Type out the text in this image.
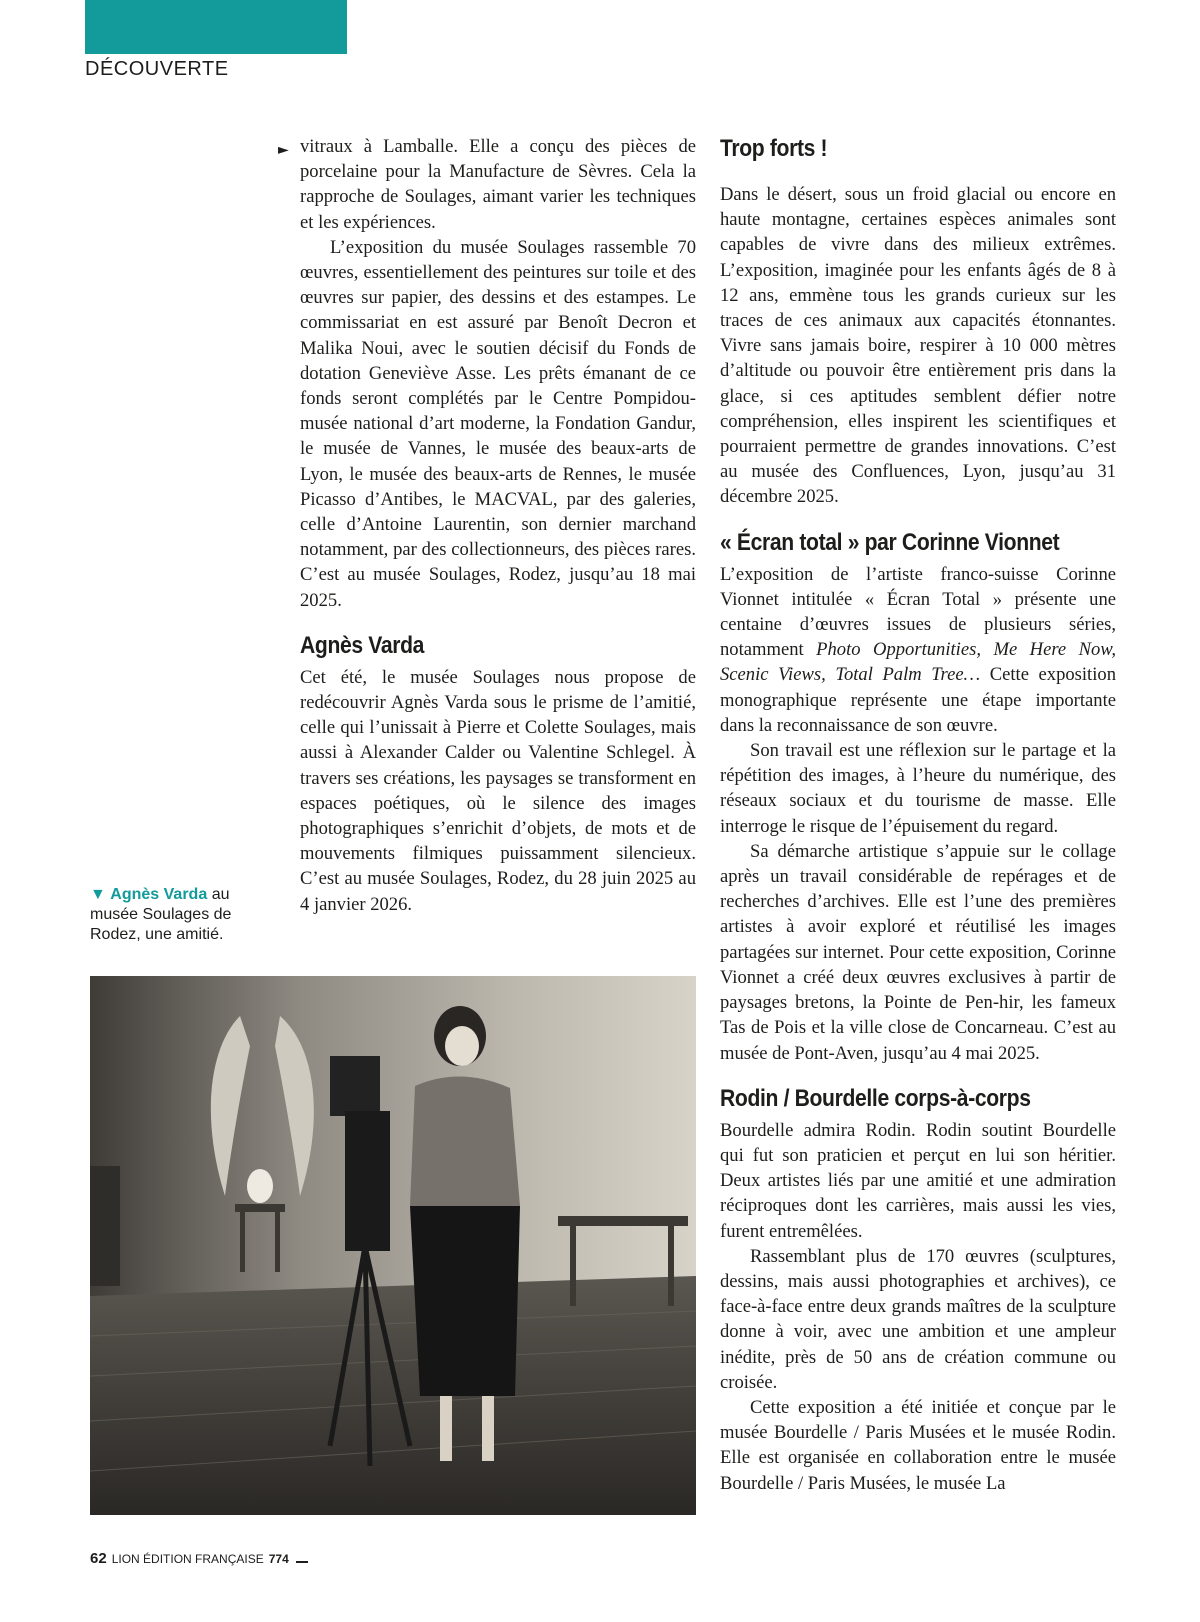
DÉCOUVERTE
► vitraux à Lamballe. Elle a conçu des pièces de porcelaine pour la Manufacture de Sèvres. Cela la rapproche de Soulages, aimant varier les techniques et les expériences.

L’exposition du musée Soulages rassemble 70 œuvres, essentiellement des peintures sur toile et des œuvres sur papier, des dessins et des estampes. Le commissariat en est assuré par Benoît Decron et Malika Noui, avec le soutien décisif du Fonds de dotation Geneviève Asse. Les prêts émanant de ce fonds seront complétés par le Centre Pompidou-musée national d’art moderne, la Fondation Gandur, le musée de Vannes, le musée des beaux-arts de Lyon, le musée des beaux-arts de Rennes, le musée Picasso d’Antibes, le MACVAL, par des galeries, celle d’Antoine Laurentin, son dernier marchand notamment, par des collectionneurs, des pièces rares. C’est au musée Soulages, Rodez, jusqu’au 18 mai 2025.

Agnès Varda

Cet été, le musée Soulages nous propose de redécouvrir Agnès Varda sous le prisme de l’amitié, celle qui l’unissait à Pierre et Colette Soulages, mais aussi à Alexander Calder ou Valentine Schlegel. À travers ses créations, les paysages se transforment en espaces poétiques, où le silence des images photographiques s’enrichit d’objets, de mots et de mouvements filmiques puissamment silencieux. C’est au musée Soulages, Rodez, du 28 juin 2025 au 4 janvier 2026.

▼ Agnès Varda au musée Soulages de Rodez, une amitié.
Trop forts !

Dans le désert, sous un froid glacial ou encore en haute montagne, certaines espèces animales sont capables de vivre dans des milieux extrêmes. L’exposition, imaginée pour les enfants âgés de 8 à 12 ans, emmène tous les grands curieux sur les traces de ces animaux aux capacités étonnantes. Vivre sans jamais boire, respirer à 10 000 mètres d’altitude ou pouvoir être entièrement pris dans la glace, si ces aptitudes semblent défier notre compréhension, elles inspirent les scientifiques et pourraient permettre de grandes innovations. C’est au musée des Confluences, Lyon, jusqu’au 31 décembre 2025.

« Écran total » par Corinne Vionnet

L’exposition de l’artiste franco-suisse Corinne Vionnet intitulée « Écran Total » présente une centaine d’œuvres issues de plusieurs séries, notamment Photo Opportunities, Me Here Now, Scenic Views, Total Palm Tree… Cette exposition monographique représente une étape importante dans la reconnaissance de son œuvre.

Son travail est une réflexion sur le partage et la répétition des images, à l’heure du numérique, des réseaux sociaux et du tourisme de masse. Elle interroge le risque de l’épuisement du regard.

Sa démarche artistique s’appuie sur le collage après un travail considérable de repérages et de recherches d’archives. Elle est l’une des premières artistes à avoir exploré et réutilisé les images partagées sur internet. Pour cette exposition, Corinne Vionnet a créé deux œuvres exclusives à partir de paysages bretons, la Pointe de Pen-hir, les fameux Tas de Pois et la ville close de Concarneau. C’est au musée de Pont-Aven, jusqu’au 4 mai 2025.

Rodin / Bourdelle corps-à-corps

Bourdelle admira Rodin. Rodin soutint Bourdelle qui fut son praticien et perçut en lui son héritier. Deux artistes liés par une amitié et une admiration réciproques dont les carrières, mais aussi les vies, furent entremêlées.

Rassemblant plus de 170 œuvres (sculptures, dessins, mais aussi photographies et archives), ce face-à-face entre deux grands maîtres de la sculpture donne à voir, avec une ambition et une ampleur inédite, près de 50 ans de création commune ou croisée.

Cette exposition a été initiée et conçue par le musée Bourdelle / Paris Musées et le musée Rodin. Elle est organisée en collaboration entre le musée Bourdelle / Paris Musées, le musée La

62 LION ÉDITION FRANÇAISE 774
